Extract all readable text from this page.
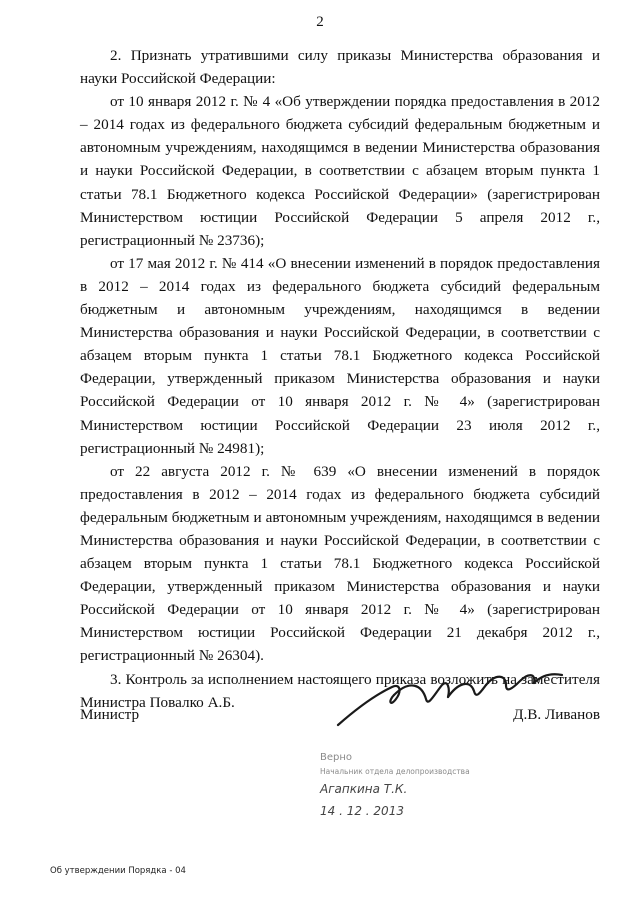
2

2. Признать утратившими силу приказы Министерства образования и науки Российской Федерации:

от 10 января 2012 г. № 4 «Об утверждении порядка предоставления в 2012 – 2014 годах из федерального бюджета субсидий федеральным бюджетным и автономным учреждениям, находящимся в ведении Министерства образования и науки Российской Федерации, в соответствии с абзацем вторым пункта 1 статьи 78.1 Бюджетного кодекса Российской Федерации» (зарегистрирован Министерством юстиции Российской Федерации 5 апреля 2012 г., регистрационный № 23736);

от 17 мая 2012 г. № 414 «О внесении изменений в порядок предоставления в 2012 – 2014 годах из федерального бюджета субсидий федеральным бюджетным и автономным учреждениям, находящимся в ведении Министерства образования и науки Российской Федерации, в соответствии с абзацем вторым пункта 1 статьи 78.1 Бюджетного кодекса Российской Федерации, утвержденный приказом Министерства образования и науки Российской Федерации от 10 января 2012 г. № 4» (зарегистрирован Министерством юстиции Российской Федерации 23 июля 2012 г., регистрационный № 24981);

от 22 августа 2012 г. № 639 «О внесении изменений в порядок предоставления в 2012 – 2014 годах из федерального бюджета субсидий федеральным бюджетным и автономным учреждениям, находящимся в ведении Министерства образования и науки Российской Федерации, в соответствии с абзацем вторым пункта 1 статьи 78.1 Бюджетного кодекса Российской Федерации, утвержденный приказом Министерства образования и науки Российской Федерации от 10 января 2012 г. № 4» (зарегистрирован Министерством юстиции Российской Федерации 21 декабря 2012 г., регистрационный № 26304).

3. Контроль за исполнением настоящего приказа возложить на заместителя Министра Повалко А.Б.

Министр	Д.В. Ливанов
Верно
Начальник отдела делопроизводства
Агапкина Т.К.
14 . 12 . 2013
Об утверждении Порядка - 04
